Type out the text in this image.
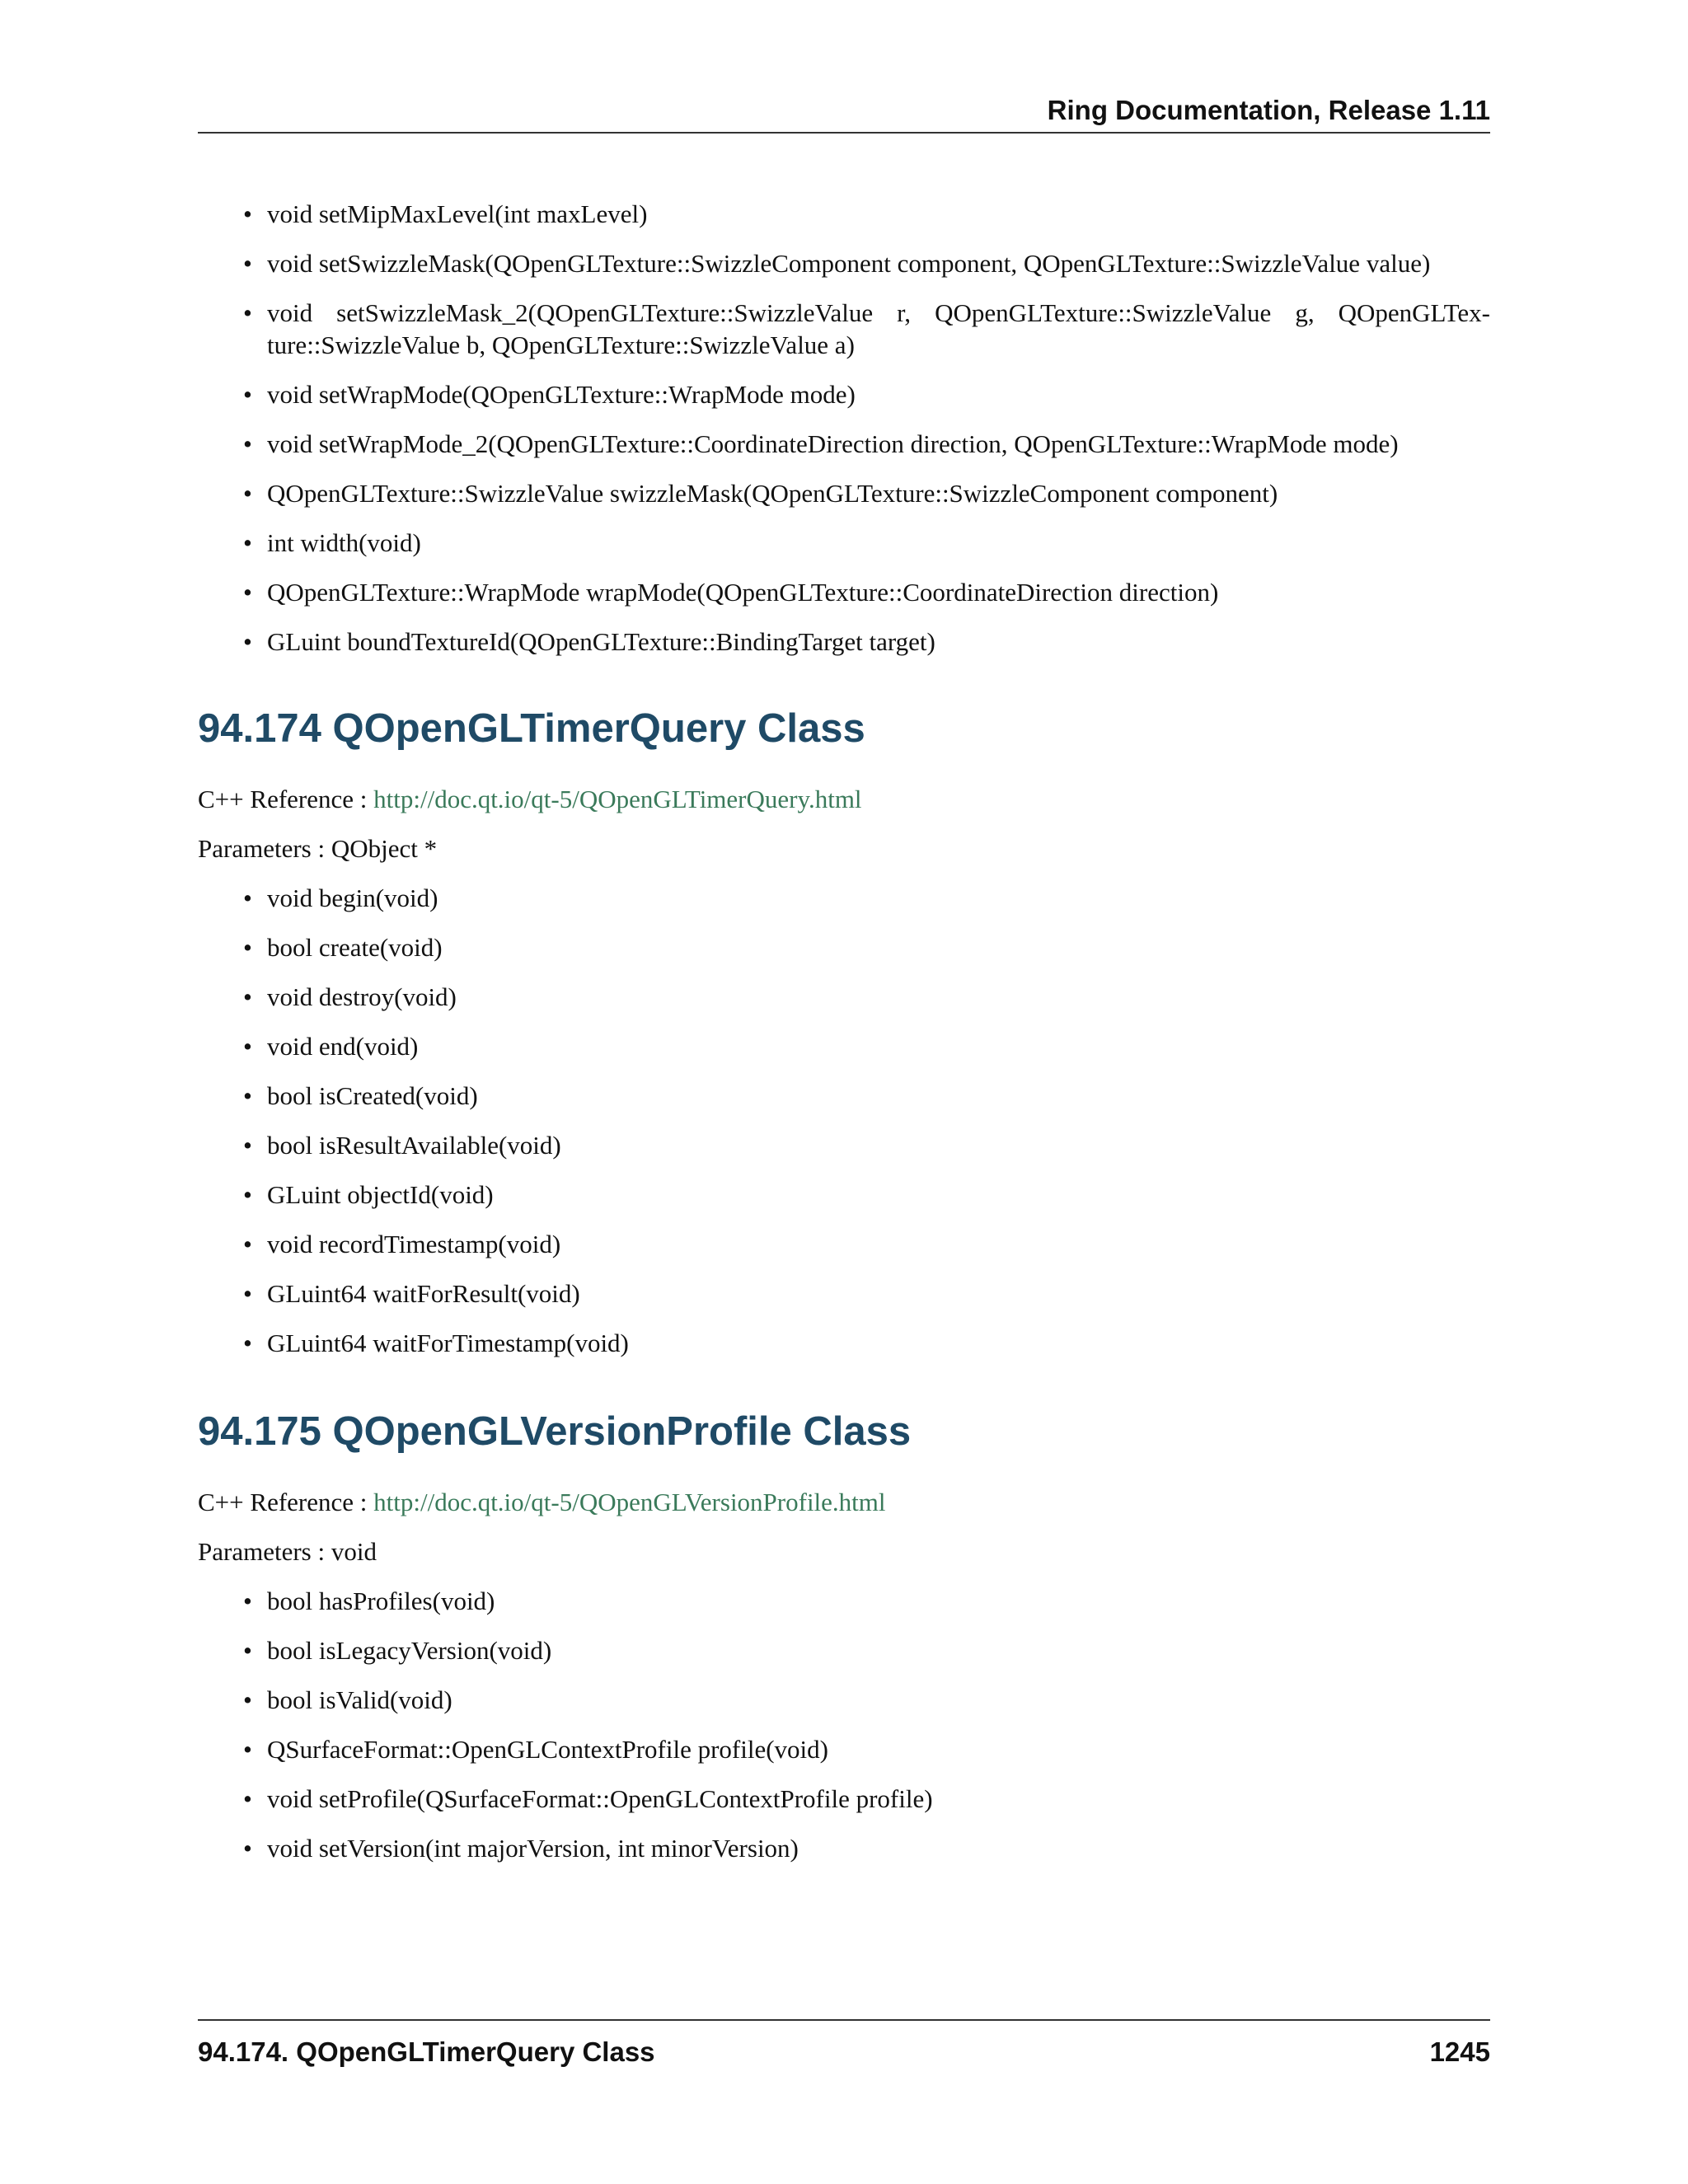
Ring Documentation, Release 1.11
• void setMipMaxLevel(int maxLevel)
• void setSwizzleMask(QOpenGLTexture::SwizzleComponent component, QOpenGLTexture::SwizzleValue value)
• void setSwizzleMask_2(QOpenGLTexture::SwizzleValue r, QOpenGLTexture::SwizzleValue g, QOpenGLTex- ture::SwizzleValue b, QOpenGLTexture::SwizzleValue a)
• void setWrapMode(QOpenGLTexture::WrapMode mode)
• void setWrapMode_2(QOpenGLTexture::CoordinateDirection direction, QOpenGLTexture::WrapMode mode)
• QOpenGLTexture::SwizzleValue swizzleMask(QOpenGLTexture::SwizzleComponent component)
• int width(void)
• QOpenGLTexture::WrapMode wrapMode(QOpenGLTexture::CoordinateDirection direction)
• GLuint boundTextureId(QOpenGLTexture::BindingTarget target)
94.174 QOpenGLTimerQuery Class

C++ Reference : http://doc.qt.io/qt-5/QOpenGLTimerQuery.html

Parameters : QObject *

• void begin(void)
• bool create(void)
• void destroy(void)
• void end(void)
• bool isCreated(void)
• bool isResultAvailable(void)
• GLuint objectId(void)
• void recordTimestamp(void)
• GLuint64 waitForResult(void)
• GLuint64 waitForTimestamp(void)
94.175 QOpenGLVersionProfile Class

C++ Reference : http://doc.qt.io/qt-5/QOpenGLVersionProfile.html

Parameters : void

• bool hasProfiles(void)
• bool isLegacyVersion(void)
• bool isValid(void)
• QSurfaceFormat::OpenGLContextProfile profile(void)
• void setProfile(QSurfaceFormat::OpenGLContextProfile profile)
• void setVersion(int majorVersion, int minorVersion)
94.174. QOpenGLTimerQuery Class	1245
